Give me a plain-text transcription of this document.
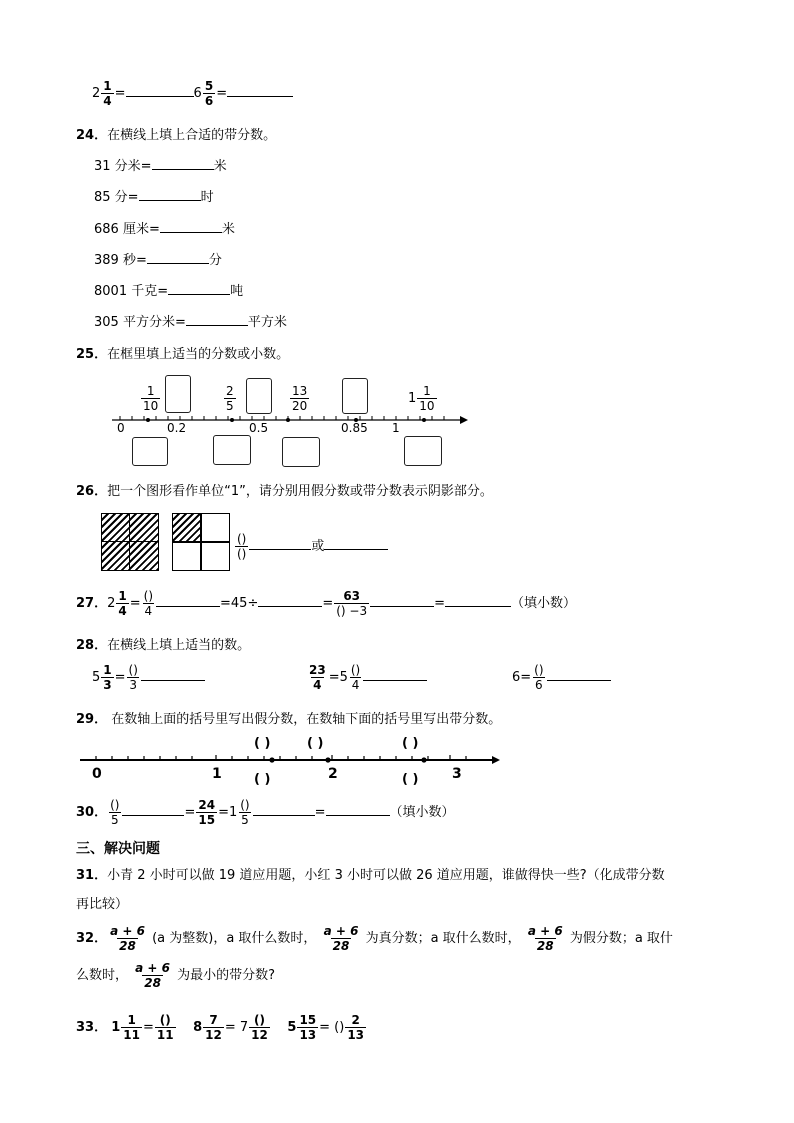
$2 \frac{1}{4}$ =	$6 \frac{5}{6}$ =
24．在横线上填上合适的带分数。
31 分米=	米
85 分=	时
686 厘米=	米
389 秒=	分
8001 千克=	吨
305 平方分米=	平方米
25．在框里填上适当的分数或小数。
$\frac{1}{10}$	$\frac{2}{5}$	$\frac{13}{20}$	$1 \frac{1}{10}$
0	0.2	0.5	0.85 1
26．把一个图形看作单位“1”，请分别用假分数或带分数表示阴影部分。
$\frac{()}{()}$	或
27．$2 \frac{1}{4} = \frac{()}{4}$	=45÷	= $\frac{63}{() -3}$	=	（填小数）
28．在横线上填上适当的数。
$5 \frac{1}{3} = \frac{()}{3}$	$\frac{23}{4} =5 \frac{()}{4}$	$6= \frac{()}{6}$
29． 在数轴上面的括号里写出假分数，在数轴下面的括号里写出带分数。
( )	( )	( )
0	1	2	3
( )	( )
30． $\frac{()}{5}$	= $\frac{24}{15} =1 \frac{()}{5}$	=	（填小数）
三、解决问题
31．小青 2 小时可以做 19 道应用题，小红 3 小时可以做 26 道应用题，谁做得快一些?（化成带分数
再比较）
32． $\frac{a + 6}{28} (a$ 为整数)，a 取什么数时， $\frac{a + 6}{28}$ 为真分数；a 取什么数时， $\frac{a + 6}{28}$ 为假分数；a 取什
么数时， $\frac{a + 6}{28}$ 为最小的带分数?
33． $1 \frac{1}{11} = \frac{()}{11} 8 \frac{7}{12} = 7 \frac{()}{12} 5 \frac{15}{13}$ = () $\frac{2}{13}$
